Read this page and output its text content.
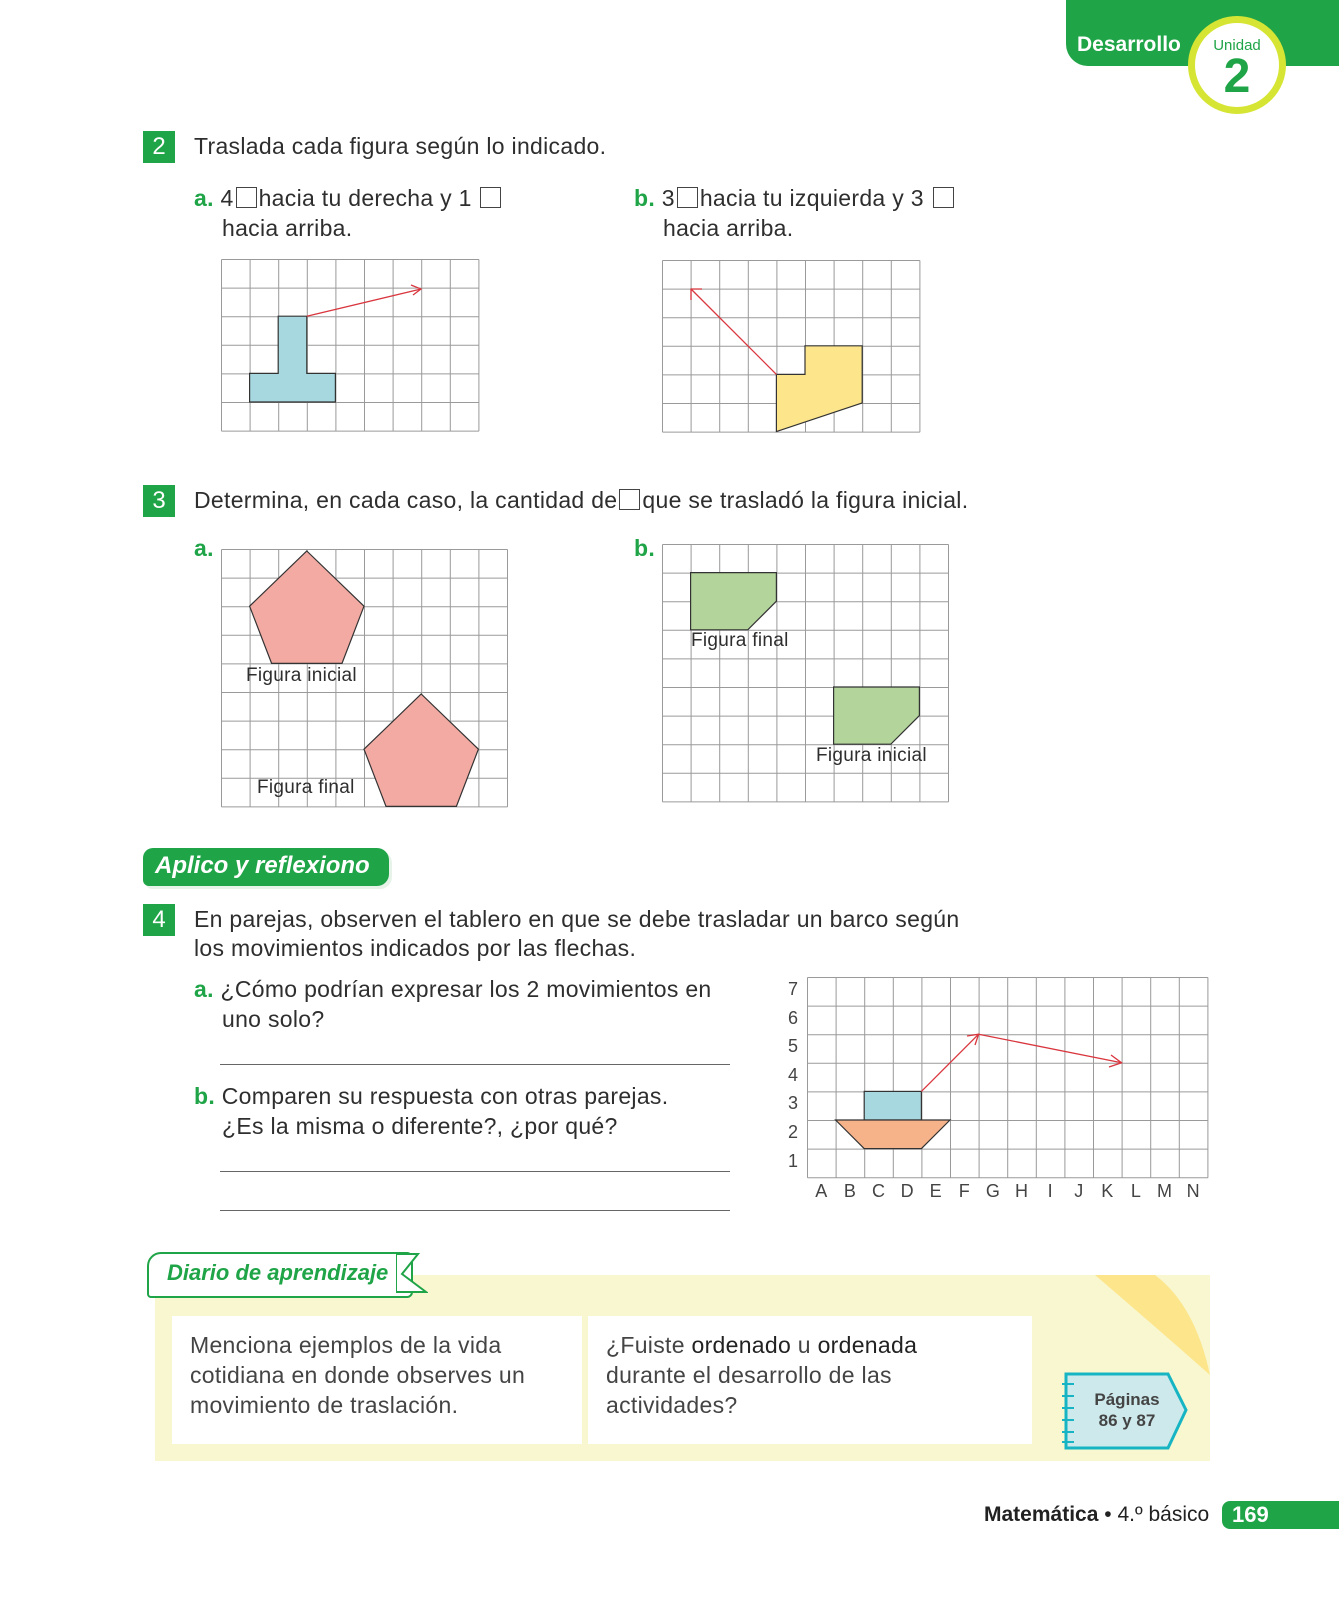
Desarrollo	Unidad
2
2	Traslada cada figura según lo indicado.
a. 4 hacia tu derecha y 1
hacia arriba.
b. 3 hacia tu izquierda y 3
hacia arriba.
3	Determina, en cada caso, la cantidad de que se trasladó la figura inicial.
a.	b.
Figura inicial
Figura final
Figura final
Figura inicial
Aplico y reflexiono
4	En parejas, observen el tablero en que se debe trasladar un barco según
los movimientos indicados por las flechas.
a. ¿Cómo podrían expresar los 2 movimientos en
uno solo?
b. Comparen su respuesta con otras parejas.
¿Es la misma o diferente?, ¿por qué?
7
6
5
4
3
2
1
A B C D E F G H	I	J	K L M N
Diario de aprendizaje
Menciona ejemplos de la vida
cotidiana en donde observes un
movimiento de traslación.
¿Fuiste ordenado u ordenada
durante el desarrollo de las
actividades?	Páginas
86 y 87
Matemática • 4.º básico 169
